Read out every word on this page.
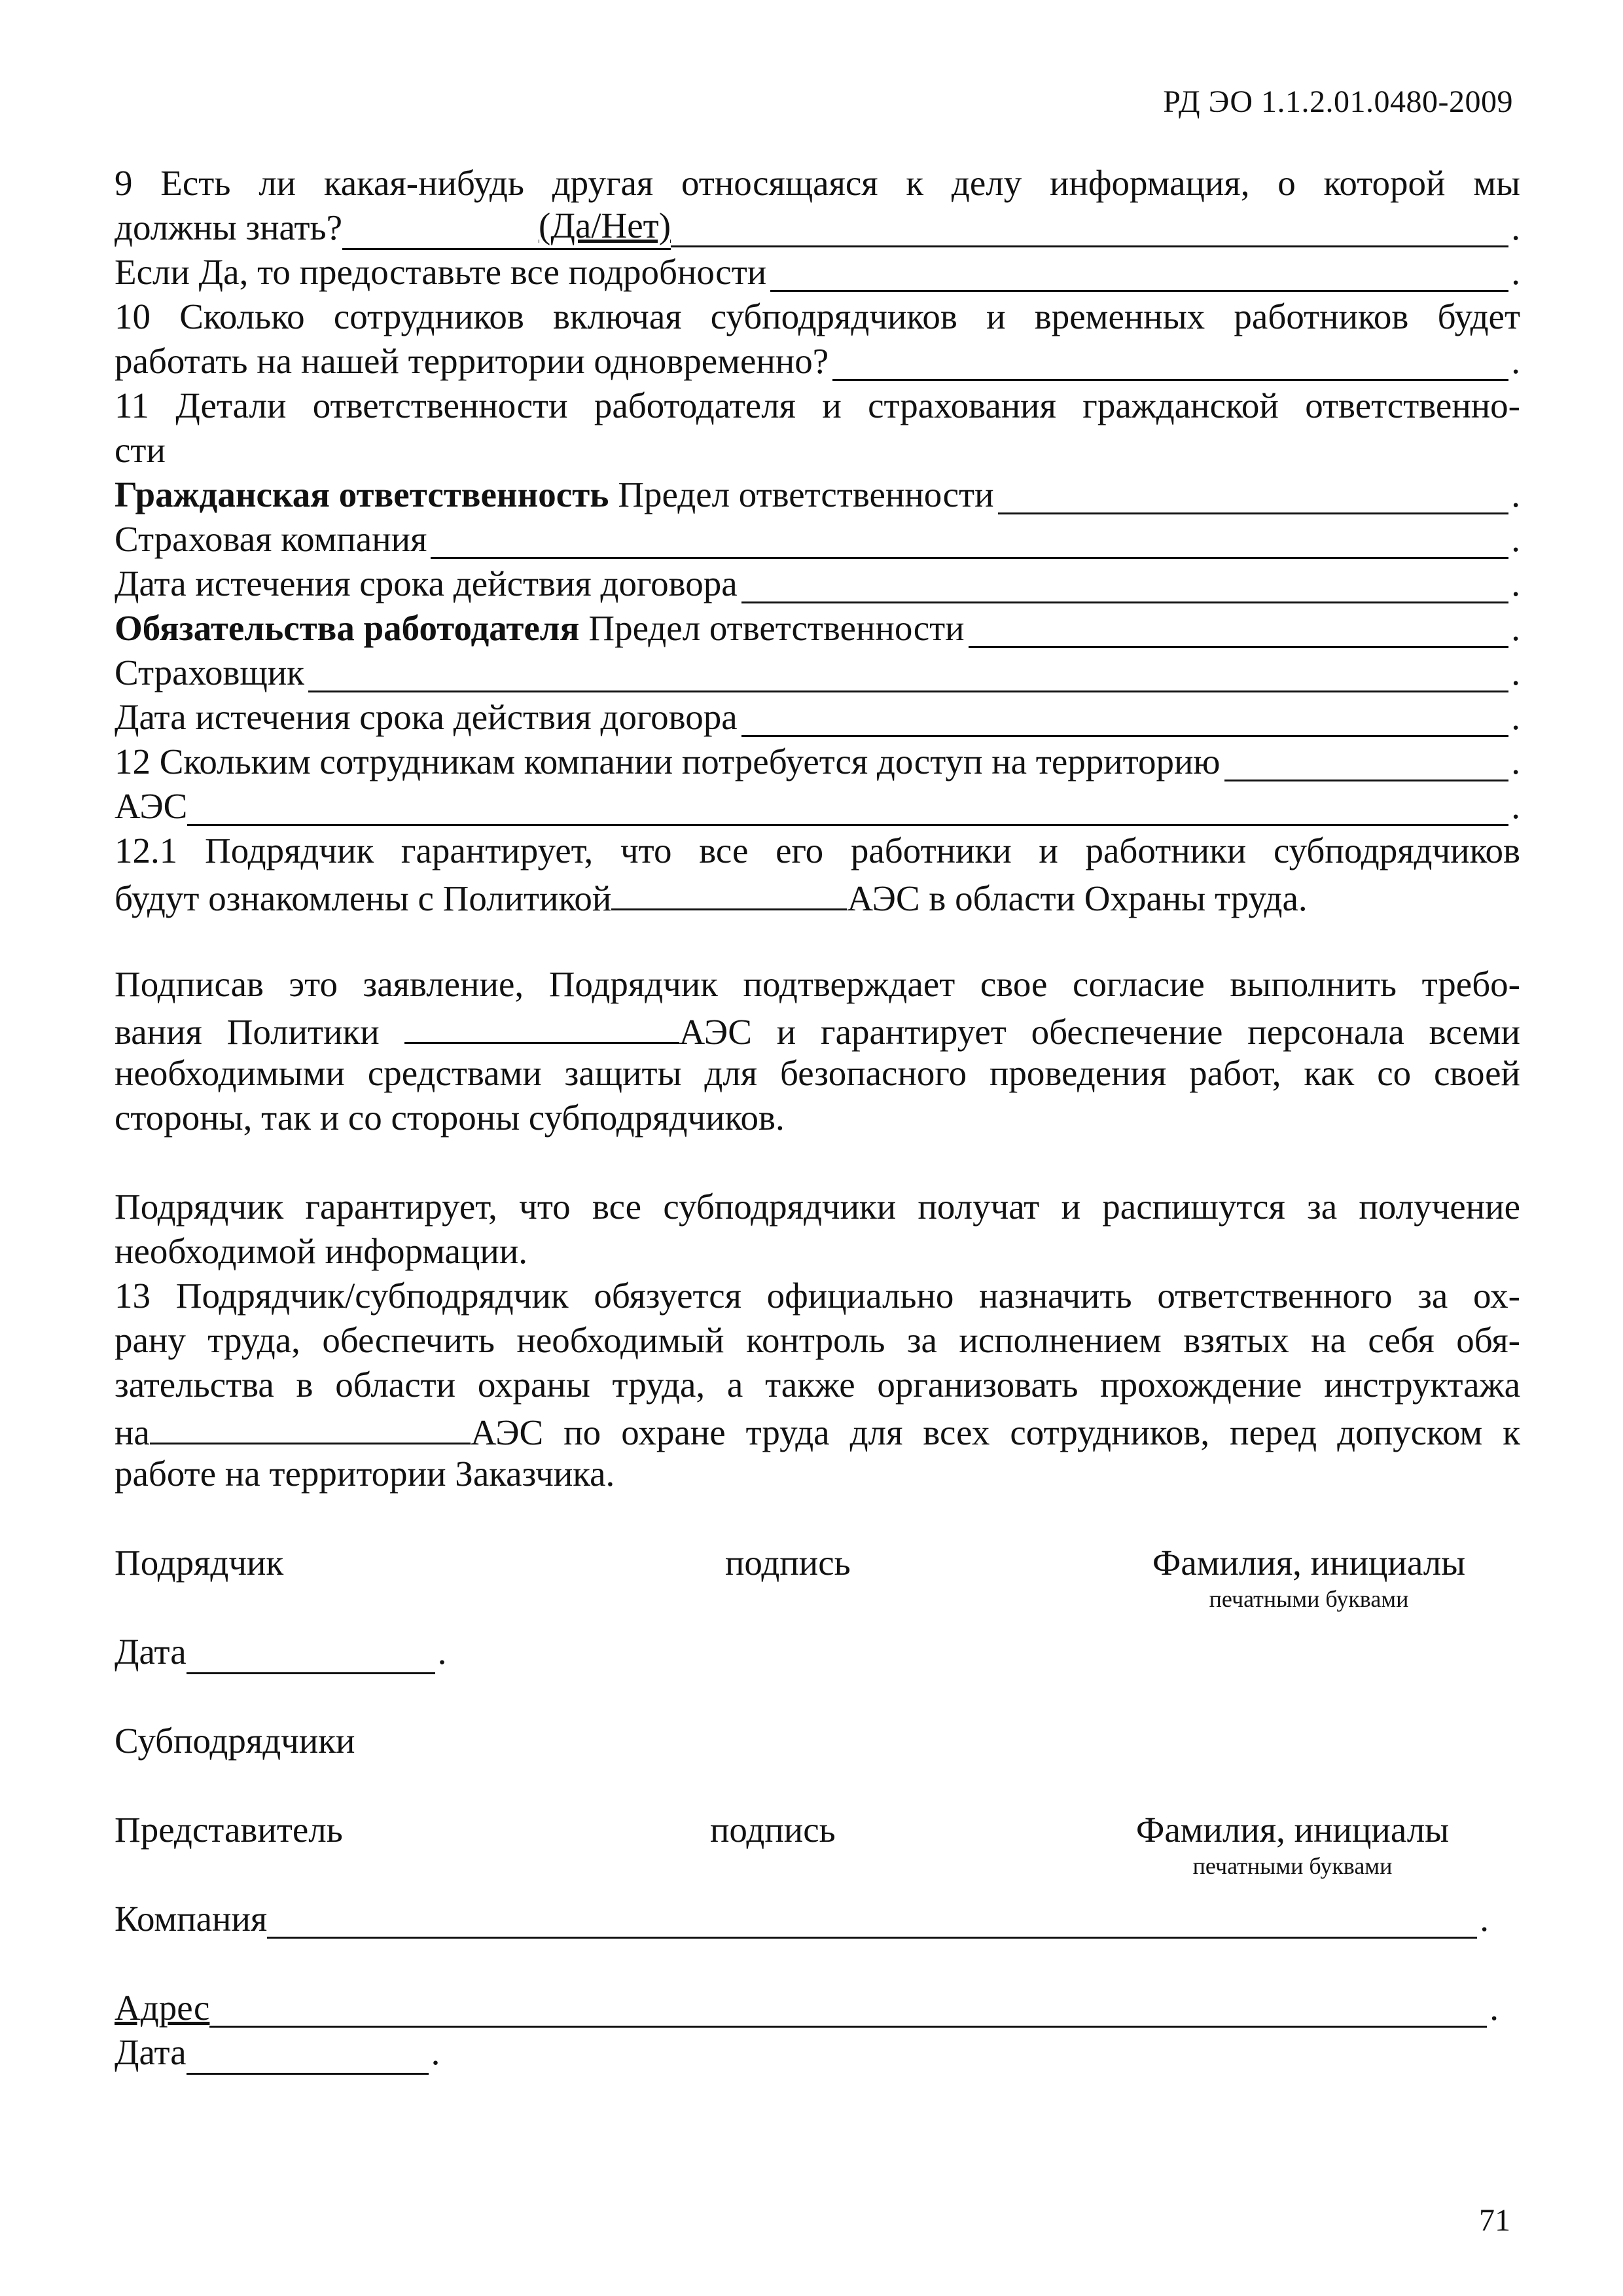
РД ЭО 1.1.2.01.0480-2009
9 Есть ли какая-нибудь другая относящаяся к делу информация, о которой мы
должны знать?	(Да/Нет)	.
Если Да, то предоставьте все подробности	.
10 Сколько сотрудников включая субподрядчиков и временных работников будет
работать на нашей территории одновременно?	.
11 Детали ответственности работодателя и страхования гражданской ответственно-
сти
Гражданская ответственность Предел ответственности	.
Страховая компания	.
Дата истечения срока действия договора	.
Обязательства работодателя Предел ответственности	.
Страховщик	.
Дата истечения срока действия договора	.
12 Скольким сотрудникам компании потребуется доступ на территорию	.
АЭС	.
12.1 Подрядчик гарантирует, что все его работники и работники субподрядчиков
будут ознакомлены с Политикой	АЭС в области Охраны труда.
Подписав это заявление, Подрядчик подтверждает свое согласие выполнить требо-
вания Политики	АЭС и гарантирует обеспечение персонала всеми
необходимыми средствами защиты для безопасного проведения работ, как со своей
стороны, так и со стороны субподрядчиков.
Подрядчик гарантирует, что все субподрядчики получат и распишутся за получение
необходимой информации.
13 Подрядчик/субподрядчик обязуется официально назначить ответственного за ох-
рану труда, обеспечить необходимый контроль за исполнением взятых на себя обя-
зательства в области охраны труда, а также организовать прохождение инструктажа
на	АЭС по охране труда для всех сотрудников, перед допуском к
работе на территории Заказчика.
Подрядчик	подпись	Фамилия, инициалы
печатными буквами
Дата	.
Субподрядчики
Представитель	подпись	Фамилия, инициалы
печатными буквами
Компания	.
Адрес	.
Дата	.
71
